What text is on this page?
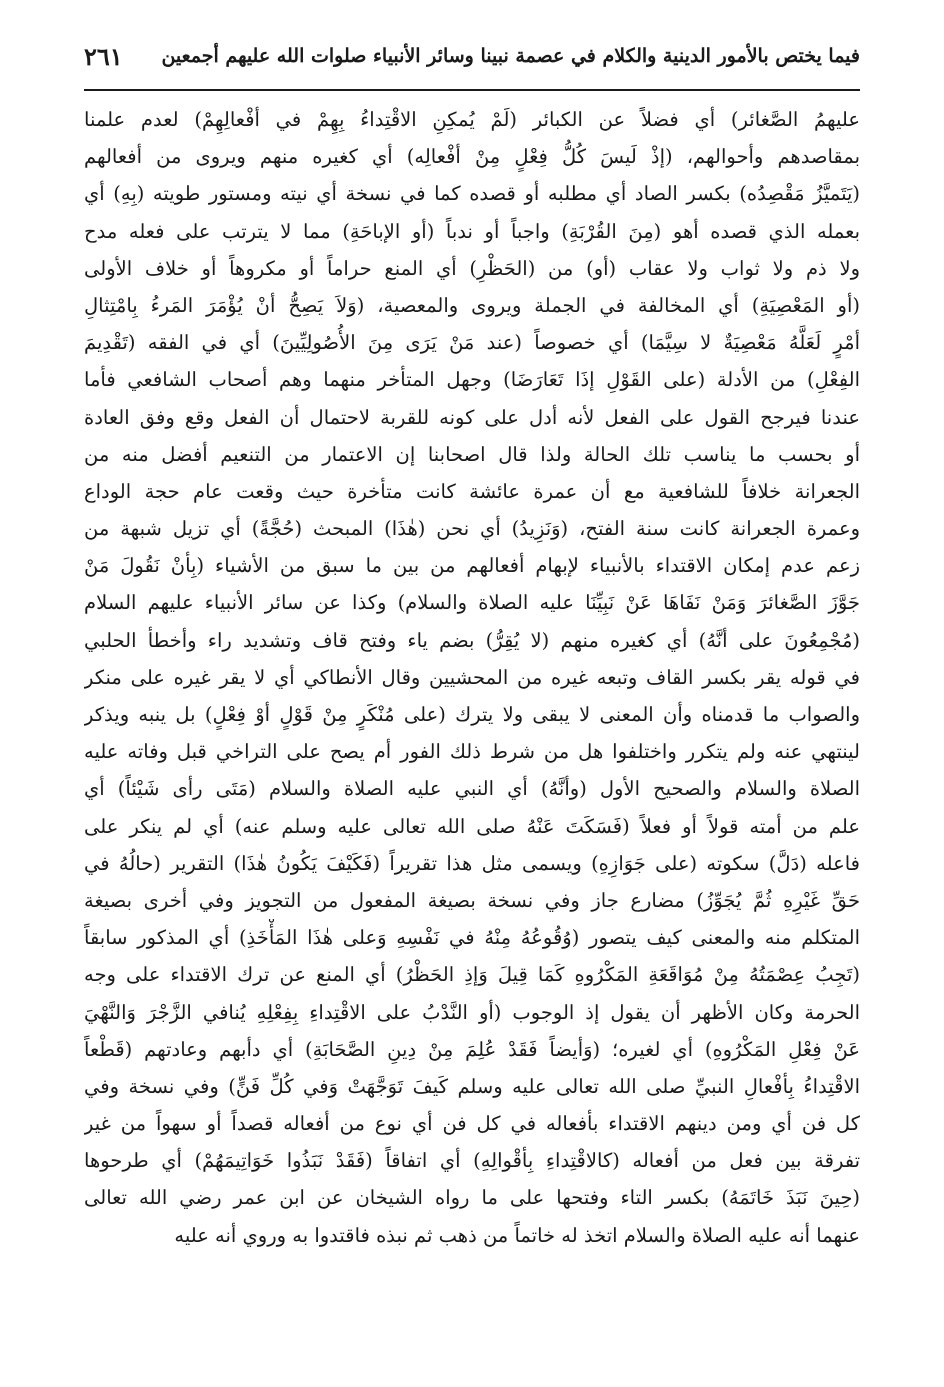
فيما يختص بالأمور الدينية والكلام في عصمة نبينا وسائر الأنبياء صلوات الله عليهم أجمعين
٢٦١
عليهمُ الصَّغائر) أي فضلاً عن الكبائر (لَمْ يُمكِنِ الاقْتِداءُ بِهِمْ في أفْعالِهِمْ) لعدم علمنا
بمقاصدهم وأحوالهم، (إذْ لَيسَ كُلُّ فِعْلٍ مِنْ أفْعالِه) أي كغيره منهم ويروى من أفعالهم
(يَتَميَّزُ مَقْصِدُه) بكسر الصاد أي مطلبه أو قصده كما في نسخة أي نيته ومستور طويته (بِهِ) أي
بعمله الذي قصده أهو (مِنَ القُرْبَةِ) واجباً أو ندباً (أو الإباحَةِ) مما لا يترتب على فعله مدح
ولا ذم ولا ثواب ولا عقاب (أو) من (الحَظْرِ) أي المنع حراماً أو مكروهاً أو خلاف الأولى
(أو المَعْصِيَةِ) أي المخالفة في الجملة ويروى والمعصية، (وَلاَ يَصِحُّ أنْ يُؤْمَرَ المَرءُ بِامْتِثالِ
أمْرٍ لَعَلَّهُ مَعْصِيَةٌ لا سِيَّمَا) أي خصوصاً (عند مَنْ يَرَى مِنَ الأُصُولِيِّينَ) أي في الفقه (تَقْدِيمَ
الفِعْلِ) من الأدلة (على القَوْلِ إذَا تَعَارَضَا) وجهل المتأخر منهما وهم أصحاب الشافعي فأما
عندنا فيرجح القول على الفعل لأنه أدل على كونه للقربة لاحتمال أن الفعل وقع وفق العادة
أو بحسب ما يناسب تلك الحالة ولذا قال اصحابنا إن الاعتمار من التنعيم أفضل منه من
الجعرانة خلافاً للشافعية مع أن عمرة عائشة كانت متأخرة حيث وقعت عام حجة الوداع
وعمرة الجعرانة كانت سنة الفتح، (وَنَزِيدُ) أي نحن (هٰذَا) المبحث (حُجَّةً) أي تزيل شبهة من
زعم عدم إمكان الاقتداء بالأنبياء لإبهام أفعالهم من بين ما سبق من الأشياء (بِأنْ نَقُولَ مَنْ
جَوَّزَ الصَّغائرَ وَمَنْ نَفَاهَا عَنْ نَبِيِّنَا عليه الصلاة والسلام) وكذا عن سائر الأنبياء عليهم السلام
(مُجْمِعُونَ على أنَّهُ) أي كغيره منهم (لا يُقِرُّ) بضم ياء وفتح قاف وتشديد راء وأخطأ الحلبي
في قوله يقر بكسر القاف وتبعه غيره من المحشيين وقال الأنطاكي أي لا يقر غيره على منكر
والصواب ما قدمناه وأن المعنى لا يبقى ولا يترك (على مُنْكَرٍ مِنْ قَوْلٍ أوْ فِعْلٍ) بل ينبه ويذكر
لينتهي عنه ولم يتكرر واختلفوا هل من شرط ذلك الفور أم يصح على التراخي قبل وفاته عليه
الصلاة والسلام والصحيح الأول (وأنَّهُ) أي النبي عليه الصلاة والسلام (مَتَى رأى شَيْئاً) أي
علم من أمته قولاً أو فعلاً (فَسَكَتَ عَنْهُ صلى الله تعالى عليه وسلم عنه) أي لم ينكر على
فاعله (دَلَّ) سكوته (على جَوَازِهِ) ويسمى مثل هذا تقريراً (فَكَيْفَ يَكُونُ هٰذَا) التقرير (حالُهُ في
حَقِّ غَيْرِهِ ثُمَّ يُجَوِّزُ) مضارع جاز وفي نسخة بصيغة المفعول من التجويز وفي أخرى بصيغة
المتكلم منه والمعنى كيف يتصور (وُقُوعُهُ مِنْهُ في نَفْسِهِ وَعلى هٰذَا المَأْخَذِ) أي المذكور سابقاً
(تَجِبُ عِصْمَتُهُ مِنْ مُوَاقَعَةِ المَكْرُوهِ كَمَا قِيلَ وَإذِ الحَظْرُ) أي المنع عن ترك الاقتداء على وجه
الحرمة وكان الأظهر أن يقول إذ الوجوب (أو النَّدْبُ على الاقْتِداءِ بِفِعْلِهِ يُنافي الزَّجْرَ وَالنَّهْيَ
عَنْ فِعْلِ المَكْرُوهِ) أي لغيره؛ (وَأيضاً فَقَدْ عُلِمَ مِنْ دِينِ الصَّحَابَةِ) أي دأبهم وعادتهم (قَطْعاً
الاقْتِداءُ بِأفْعالِ النبيِّ صلى الله تعالى عليه وسلم كَيفَ تَوَجَّهَتْ وَفي كُلِّ فَنٍّ) وفي نسخة وفي
كل فن أي ومن دينهم الاقتداء بأفعاله في كل فن أي نوع من أفعاله قصداً أو سهواً من غير
تفرقة بين فعل من أفعاله (كالاقْتِداءِ بِأقْوالِهِ) أي اتفاقاً (فَقَدْ نَبَذُوا خَوَاتِيمَهُمْ) أي طرحوها
(حِينَ نَبَذَ خَاتَمَهُ) بكسر التاء وفتحها على ما رواه الشيخان عن ابن عمر رضي الله تعالى
عنهما أنه عليه الصلاة والسلام اتخذ له خاتماً من ذهب ثم نبذه فاقتدوا به وروي أنه عليه
